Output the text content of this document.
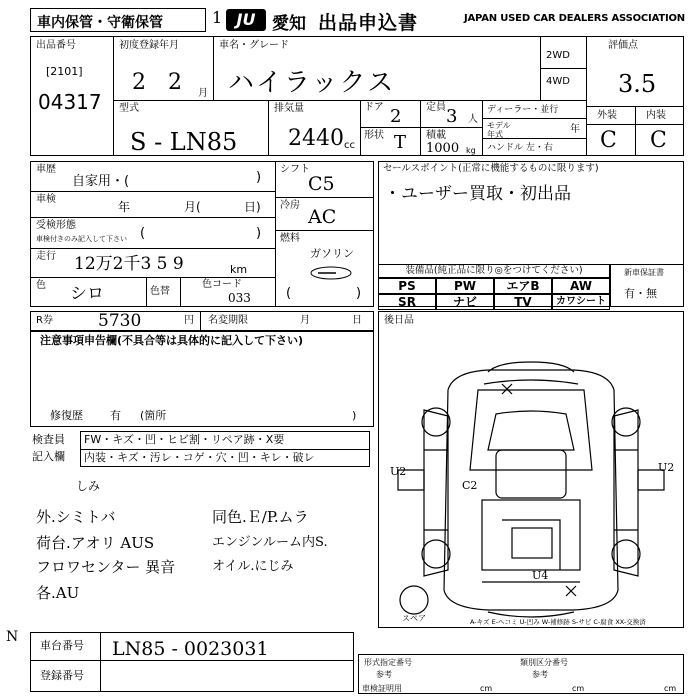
車内保管・守衛保管	1 JU 愛知 出品申込書	JAPAN USED CAR DEALERS ASSOCIATION
出品番号
[2101]
04317
初度登録年月
2 2 月
車名・グレード
ハイラックス
2WD
4WD
評価点
3.5
外装	内装
C C
型式
S - LN85
排気量
2440 cc
ドア 2 定員 3 人
形状 T 積載
1000 kg
ディーラー・並行
モデル 年式	年
ハンドル 左・右
車歴
自家用・(	)
車検
年	月(	日)
受検形態
車検付きのみ記入して下さい (	)
走行 12万2千3 5 9	km
色 シロ	色替
色コード
033
シフト
C5
冷房
AC
燃料
ガソリン
(	)
セールスポイント(正常に機能するものに限ります)
・ユーザー買取・初出品
装備品(純正品に限り◎をつけてください)	新車保証書
有・無
PS	PW	エアB	AW
SR	ナビ	TV	カワシート
R券	5730	円 名変期限	月	日
注意事項申告欄(不具合等は具体的に記入して下さい)
修復歴 有 (箇所	)
後日品
U2	U2
C2
U4
スペア	A-キズ E-ヘコミ U-凹み W-補修跡 S-サビ C-腐食 XX-交換済
検査員
記入欄
FW・キズ・凹・ヒビ割・リペア跡・X要
内装・キズ・汚レ・コゲ・穴・凹・キレ・破レ
しみ
外.シミトバ
荷台.アオリ AUS
フロワセンター 異音
各.AU
同色.Ｅ/P.ムラ
エンジンルーム内S.
オイル.にじみ
N
車台番号 LN85 - 0023031
登録番号
形式指定番号	類別区分番号
参考	参考
車検証明用	cm	cm	cm
